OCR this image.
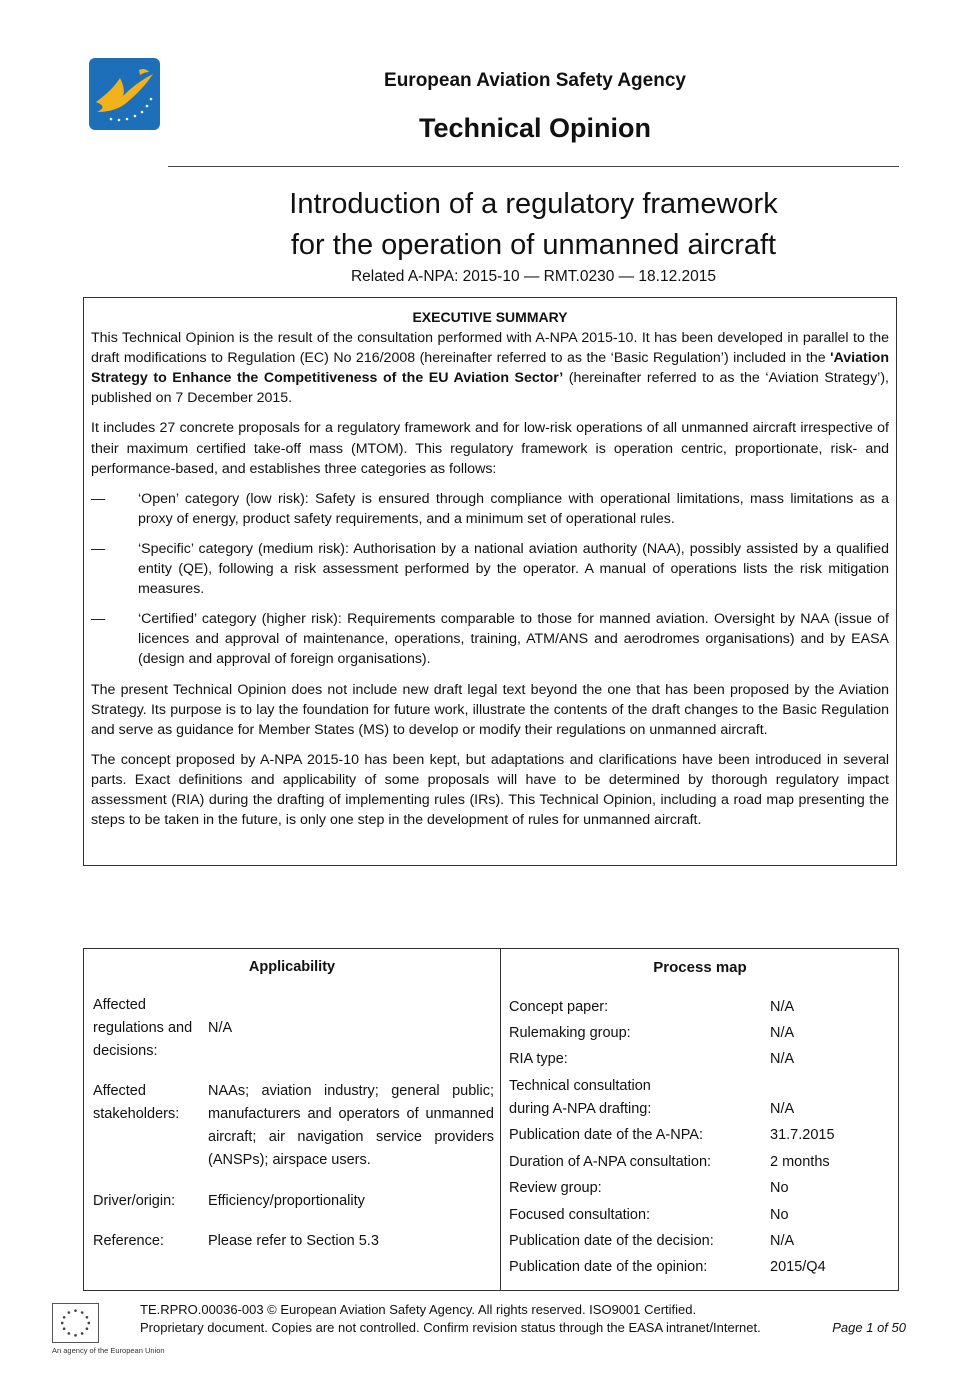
European Aviation Safety Agency
Technical Opinion
Introduction of a regulatory framework
for the operation of unmanned aircraft
Related A-NPA: 2015-10 — RMT.0230 — 18.12.2015
EXECUTIVE SUMMARY

This Technical Opinion is the result of the consultation performed with A-NPA 2015-10. It has been developed in parallel to the draft modifications to Regulation (EC) No 216/2008 (hereinafter referred to as the ‘Basic Regulation’) included in the 'Aviation Strategy to Enhance the Competitiveness of the EU Aviation Sector’ (hereinafter referred to as the ‘Aviation Strategy’), published on 7 December 2015.

It includes 27 concrete proposals for a regulatory framework and for low-risk operations of all unmanned aircraft irrespective of their maximum certified take-off mass (MTOM). This regulatory framework is operation centric, proportionate, risk- and performance-based, and establishes three categories as follows:

—	‘Open’ category (low risk): Safety is ensured through compliance with operational limitations, mass limitations as a proxy of energy, product safety requirements, and a minimum set of operational rules.
—	‘Specific’ category (medium risk): Authorisation by a national aviation authority (NAA), possibly assisted by a qualified entity (QE), following a risk assessment performed by the operator. A manual of operations lists the risk mitigation measures.
—	‘Certified’ category (higher risk): Requirements comparable to those for manned aviation. Oversight by NAA (issue of licences and approval of maintenance, operations, training, ATM/ANS and aerodromes organisations) and by EASA (design and approval of foreign organisations).

The present Technical Opinion does not include new draft legal text beyond the one that has been proposed by the Aviation Strategy. Its purpose is to lay the foundation for future work, illustrate the contents of the draft changes to the Basic Regulation and serve as guidance for Member States (MS) to develop or modify their regulations on unmanned aircraft.

The concept proposed by A-NPA 2015-10 has been kept, but adaptations and clarifications have been introduced in several parts. Exact definitions and applicability of some proposals will have to be determined by thorough regulatory impact assessment (RIA) during the drafting of implementing rules (IRs). This Technical Opinion, including a road map presenting the steps to be taken in the future, is only one step in the development of rules for unmanned aircraft.

Applicability	Process map
Affected regulations and decisions:
N/A
Affected stakeholders:
NAAs; aviation industry; general public; manufacturers and operators of unmanned aircraft; air navigation service providers (ANSPs); airspace users.
Driver/origin:	Efficiency/proportionality
Reference:	Please refer to Section 5.3
Concept paper:	N/A
Rulemaking group:	N/A
RIA type:	N/A
Technical consultation during A-NPA drafting:	N/A
Publication date of the A-NPA:	31.7.2015
Duration of A-NPA consultation:	2 months
Review group:	No
Focused consultation:	No
Publication date of the decision:	N/A
Publication date of the opinion:	2015/Q4
An agency of the European Union
TE.RPRO.00036-003 © European Aviation Safety Agency. All rights reserved. ISO9001 Certified.
Proprietary document. Copies are not controlled. Confirm revision status through the EASA intranet/Internet.	Page 1 of 50
